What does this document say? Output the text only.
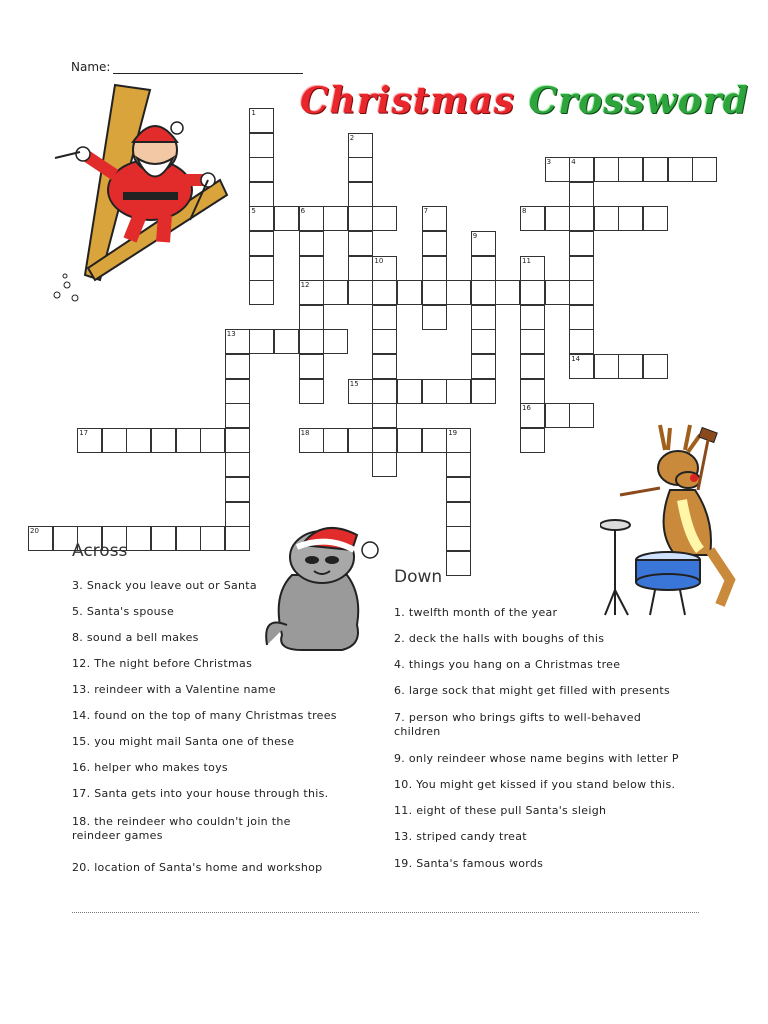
Name:
Christmas Crossword
1
5
2
3	4
14
6
12
7	8
9
10	11
16
13
15
17	18	19
20
Across
Down
3. Snack you leave out or Santa
5. Santa's spouse
8. sound a bell makes
12. The night before Christmas
13. reindeer with a Valentine name
14. found on the top of many Christmas trees
15. you might mail Santa one of these
16. helper who makes toys
17. Santa gets into your house through this.
18. the reindeer who couldn't join the reindeer games
20. location of Santa's home and workshop
1. twelfth month of the year
2. deck the halls with boughs of this
4. things you hang on a Christmas tree
6. large sock that might get filled with presents
7. person who brings gifts to well-behaved children
9. only reindeer whose name begins with letter P
10. You might get kissed if you stand below this.
11. eight of these pull Santa's sleigh
13. striped candy treat
19. Santa's famous words
